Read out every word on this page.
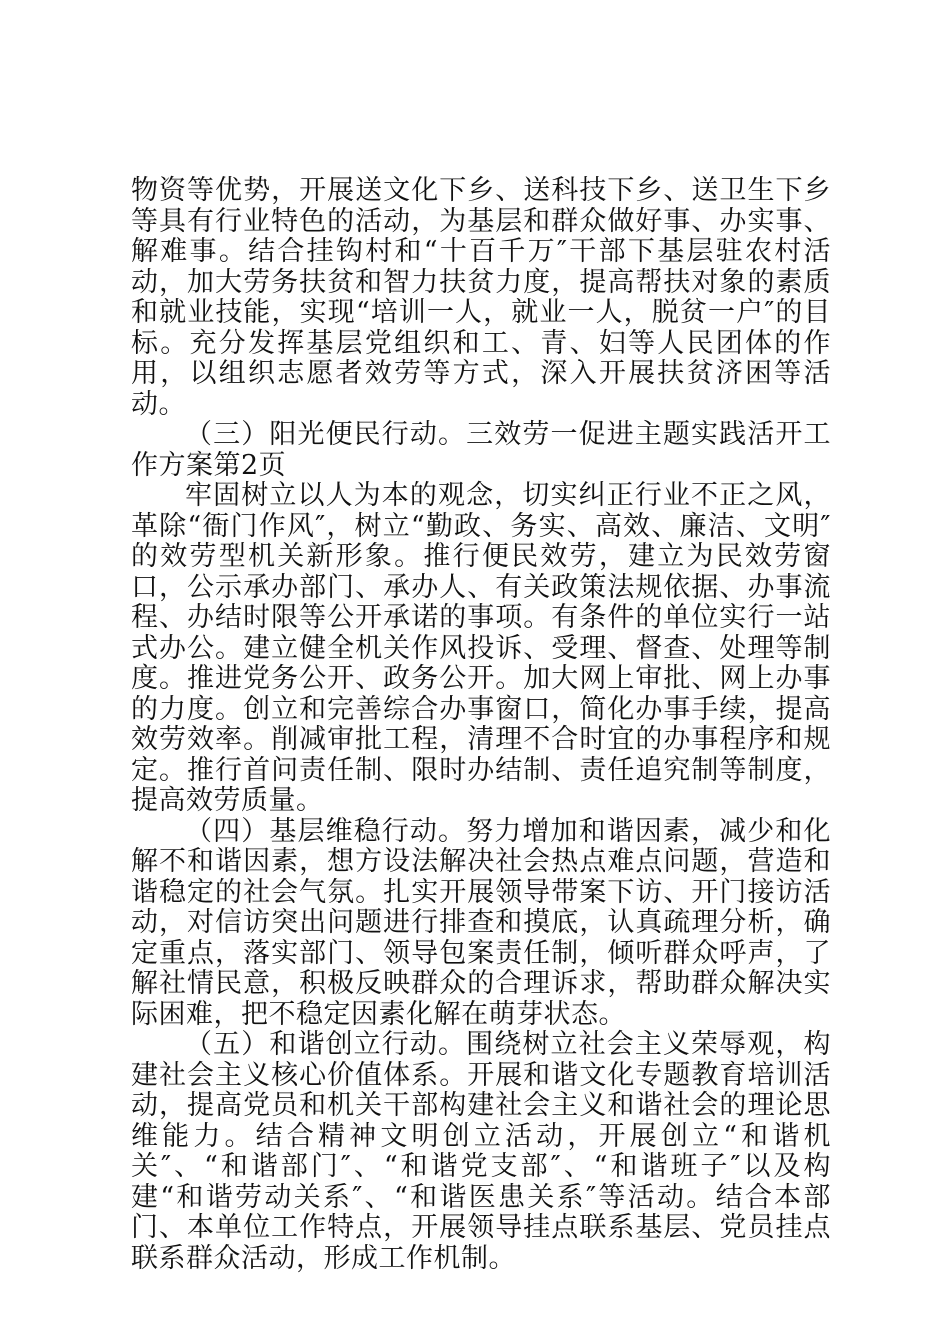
物资等优势，开展送文化下乡、送科技下乡、送卫生下乡等具有行业特色的活动，为基层和群众做好事、办实事、解难事。结合挂钩村和“十百千万″干部下基层驻农村活动，加大劳务扶贫和智力扶贫力度，提高帮扶对象的素质和就业技能，实现“培训一人，就业一人，脱贫一户″的目标。充分发挥基层党组织和工、青、妇等人民团体的作用，以组织志愿者效劳等方式，深入开展扶贫济困等活动。

（三）阳光便民行动。三效劳一促进主题实践活开工作方案第2页

牢固树立以人为本的观念，切实纠正行业不正之风，革除“衙门作风″，树立“勤政、务实、高效、廉洁、文明″的效劳型机关新形象。推行便民效劳，建立为民效劳窗口，公示承办部门、承办人、有关政策法规依据、办事流程、办结时限等公开承诺的事项。有条件的单位实行一站式办公。建立健全机关作风投诉、受理、督查、处理等制度。推进党务公开、政务公开。加大网上审批、网上办事的力度。创立和完善综合办事窗口，简化办事手续，提高效劳效率。削减审批工程，清理不合时宜的办事程序和规定。推行首问责任制、限时办结制、责任追究制等制度，提高效劳质量。

（四）基层维稳行动。努力增加和谐因素，减少和化解不和谐因素，想方设法解决社会热点难点问题，营造和谐稳定的社会气氛。扎实开展领导带案下访、开门接访活动，对信访突出问题进行排查和摸底，认真疏理分析，确定重点，落实部门、领导包案责任制，倾听群众呼声，了解社情民意，积极反映群众的合理诉求，帮助群众解决实际困难，把不稳定因素化解在萌芽状态。

（五）和谐创立行动。围绕树立社会主义荣辱观，构建社会主义核心价值体系。开展和谐文化专题教育培训活动，提高党员和机关干部构建社会主义和谐社会的理论思维能力。结合精神文明创立活动，开展创立“和谐机关″、“和谐部门″、“和谐党支部″、“和谐班子″以及构建“和谐劳动关系″、“和谐医患关系″等活动。结合本部门、本单位工作特点，开展领导挂点联系基层、党员挂点联系群众活动，形成工作机制。
